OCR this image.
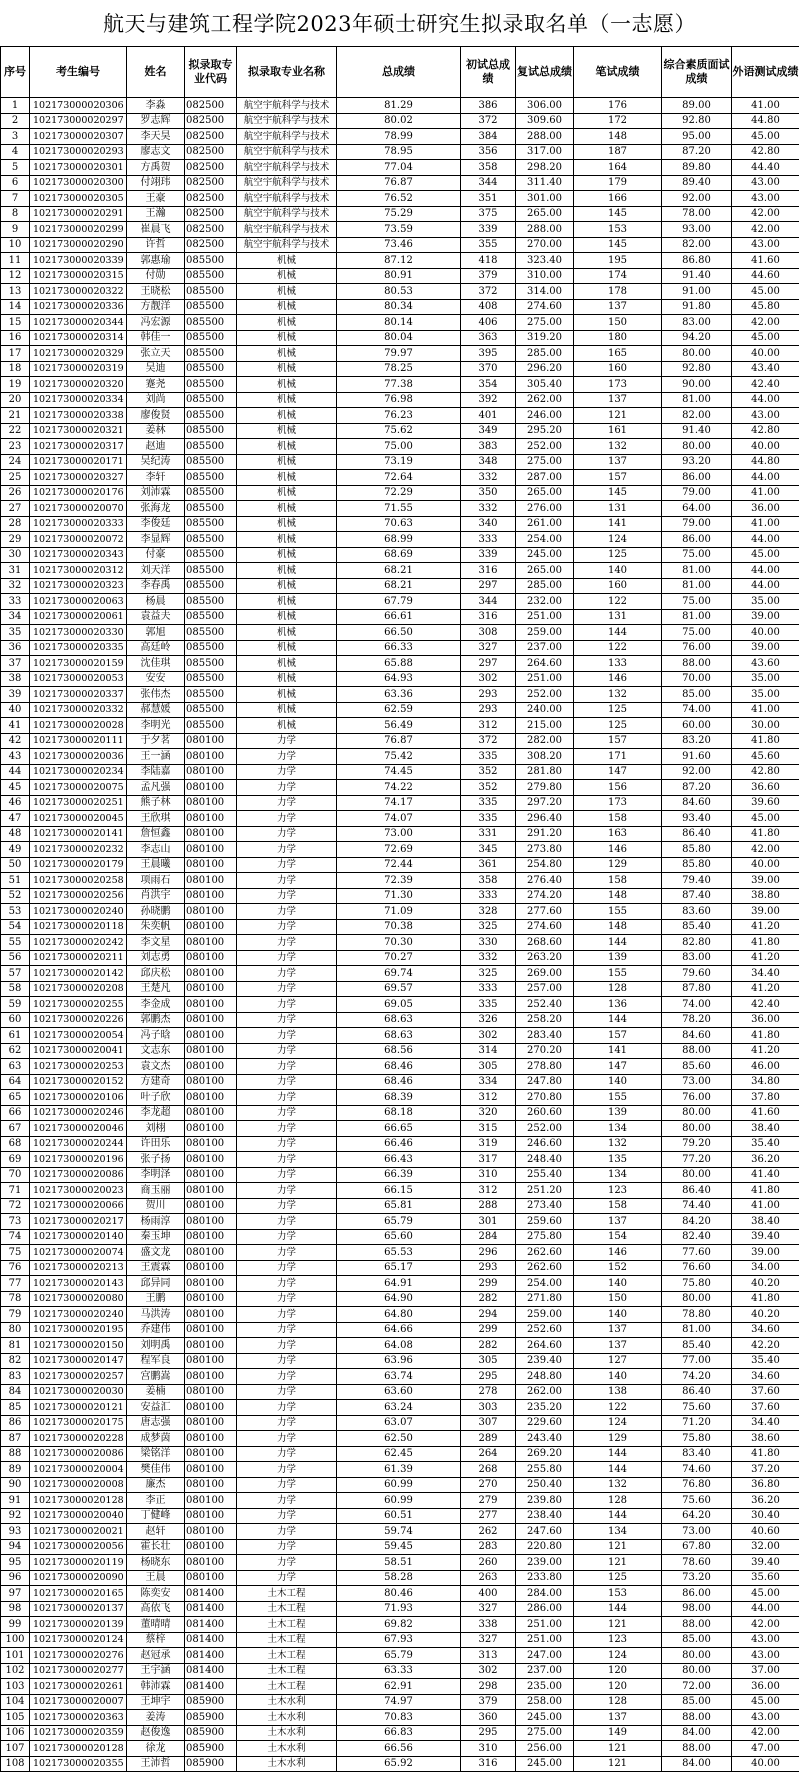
航天与建筑工程学院2023年硕士研究生拟录取名单（一志愿）
序号	考生编号	姓名	拟录取专业代码	拟录取专业名称	总成绩	初试总成绩	复试总成绩	笔试成绩	综合素质面试成绩	外语测试成绩
1	102173000020306	李淼	082500	航空宇航科学与技术	81.29	386	306.00	176	89.00	41.00
2	102173000020297	罗志辉	082500	航空宇航科学与技术	80.02	372	309.60	172	92.80	44.80
3	102173000020307	李天昊	082500	航空宇航科学与技术	78.99	384	288.00	148	95.00	45.00
4	102173000020293	廖志文	082500	航空宇航科学与技术	78.95	356	317.00	187	87.20	42.80
5	102173000020301	方禹贺	082500	航空宇航科学与技术	77.04	358	298.20	164	89.80	44.40
6	102173000020300	付翊玮	082500	航空宇航科学与技术	76.87	344	311.40	179	89.40	43.00
7	102173000020305	王豪	082500	航空宇航科学与技术	76.52	351	301.00	166	92.00	43.00
8	102173000020291	王瀚	082500	航空宇航科学与技术	75.29	375	265.00	145	78.00	42.00
9	102173000020299	崔晨飞	082500	航空宇航科学与技术	73.59	339	288.00	153	93.00	42.00
10	102173000020290	许哲	082500	航空宇航科学与技术	73.46	355	270.00	145	82.00	43.00
11	102173000020339	郭惠瑜	085500	机械	87.12	418	323.40	195	86.80	41.60
12	102173000020315	付勋	085500	机械	80.91	379	310.00	174	91.40	44.60
13	102173000020322	王晓松	085500	机械	80.53	372	314.00	178	91.00	45.00
14	102173000020336	方靓洋	085500	机械	80.34	408	274.60	137	91.80	45.80
15	102173000020344	冯宏源	085500	机械	80.14	406	275.00	150	83.00	42.00
16	102173000020314	韩佳一	085500	机械	80.04	363	319.20	180	94.20	45.00
17	102173000020329	张立天	085500	机械	79.97	395	285.00	165	80.00	40.00
18	102173000020319	吴迪	085500	机械	78.25	370	296.20	160	92.80	43.40
19	102173000020320	蹇尧	085500	机械	77.38	354	305.40	173	90.00	42.40
20	102173000020334	刘尚	085500	机械	76.98	392	262.00	137	81.00	44.00
21	102173000020338	廖俊贤	085500	机械	76.23	401	246.00	121	82.00	43.00
22	102173000020321	姜林	085500	机械	75.62	349	295.20	161	91.40	42.80
23	102173000020317	赵迪	085500	机械	75.00	383	252.00	132	80.00	40.00
24	102173000020171	吴纪涛	085500	机械	73.19	348	275.00	137	93.20	44.80
25	102173000020327	李轩	085500	机械	72.64	332	287.00	157	86.00	44.00
26	102173000020176	刘沛霖	085500	机械	72.29	350	265.00	145	79.00	41.00
27	102173000020070	张海龙	085500	机械	71.55	332	276.00	131	64.00	36.00
28	102173000020333	李俊廷	085500	机械	70.63	340	261.00	141	79.00	41.00
29	102173000020072	李显辉	085500	机械	68.99	333	254.00	124	86.00	44.00
30	102173000020343	付豪	085500	机械	68.69	339	245.00	125	75.00	45.00
31	102173000020312	刘天洋	085500	机械	68.21	316	265.00	140	81.00	44.00
32	102173000020323	李春禹	085500	机械	68.21	297	285.00	160	81.00	44.00
33	102173000020063	杨晨	085500	机械	67.79	344	232.00	122	75.00	35.00
34	102173000020061	袁益夫	085500	机械	66.61	316	251.00	131	81.00	39.00
35	102173000020330	郭旭	085500	机械	66.50	308	259.00	144	75.00	40.00
36	102173000020335	高廷岭	085500	机械	66.33	327	237.00	122	76.00	39.00
37	102173000020159	沈佳琪	085500	机械	65.88	297	264.60	133	88.00	43.60
38	102173000020053	安安	085500	机械	64.93	302	251.00	146	70.00	35.00
39	102173000020337	张伟杰	085500	机械	63.36	293	252.00	132	85.00	35.00
40	102173000020332	郝慧媛	085500	机械	62.59	293	240.00	125	74.00	41.00
41	102173000020028	李明光	085500	机械	56.49	312	215.00	125	60.00	30.00
42	102173000020111	于夕茗	080100	力学	76.87	372	282.00	157	83.20	41.80
43	102173000020036	王一涵	080100	力学	75.42	335	308.20	171	91.60	45.60
44	102173000020234	李陆嘉	080100	力学	74.45	352	281.80	147	92.00	42.80
45	102173000020075	孟凡强	080100	力学	74.22	352	279.80	156	87.20	36.60
46	102173000020251	熊子林	080100	力学	74.17	335	297.20	173	84.60	39.60
47	102173000020045	王欣琪	080100	力学	74.07	335	296.40	158	93.40	45.00
48	102173000020141	詹恒鑫	080100	力学	73.00	331	291.20	163	86.40	41.80
49	102173000020232	李志山	080100	力学	72.69	345	273.80	146	85.80	42.00
50	102173000020179	王晨曦	080100	力学	72.44	361	254.80	129	85.80	40.00
51	102173000020258	项雨石	080100	力学	72.39	358	276.40	158	79.40	39.00
52	102173000020256	肖洪宇	080100	力学	71.30	333	274.20	148	87.40	38.80
53	102173000020240	孙晓鹏	080100	力学	71.09	328	277.60	155	83.60	39.00
54	102173000020118	朱奕帆	080100	力学	70.38	325	274.60	148	85.40	41.20
55	102173000020242	李文星	080100	力学	70.30	330	268.60	144	82.80	41.80
56	102173000020211	刘志勇	080100	力学	70.27	332	263.20	139	83.00	41.20
57	102173000020142	邱庆松	080100	力学	69.74	325	269.00	155	79.60	34.40
58	102173000020208	王楚凡	080100	力学	69.57	333	257.00	128	87.80	41.20
59	102173000020255	李金成	080100	力学	69.05	335	252.40	136	74.00	42.40
60	102173000020226	郭鹏杰	080100	力学	68.63	326	258.20	144	78.20	36.00
61	102173000020054	冯子晗	080100	力学	68.63	302	283.40	157	84.60	41.80
62	102173000020041	文志东	080100	力学	68.56	314	270.20	141	88.00	41.20
63	102173000020253	袁文杰	080100	力学	68.46	305	278.80	147	85.60	46.00
64	102173000020152	方建奇	080100	力学	68.46	334	247.80	140	73.00	34.80
65	102173000020106	叶子欣	080100	力学	68.39	312	270.80	155	76.00	37.80
66	102173000020246	李龙超	080100	力学	68.18	320	260.60	139	80.00	41.60
67	102173000020046	刘栩	080100	力学	66.65	315	252.00	134	80.00	38.40
68	102173000020244	许田乐	080100	力学	66.46	319	246.60	132	79.20	35.40
69	102173000020196	张子扬	080100	力学	66.43	317	248.40	135	77.20	36.20
70	102173000020086	李明泽	080100	力学	66.39	310	255.40	134	80.00	41.40
71	102173000020023	商玉丽	080100	力学	66.15	312	251.20	123	86.40	41.80
72	102173000020066	贺川	080100	力学	65.81	288	273.40	158	74.40	41.00
73	102173000020217	杨雨淳	080100	力学	65.79	301	259.60	137	84.20	38.40
74	102173000020140	秦玉坤	080100	力学	65.60	284	275.80	154	82.40	39.40
75	102173000020074	盛文龙	080100	力学	65.53	296	262.60	146	77.60	39.00
76	102173000020213	王震霖	080100	力学	65.17	293	262.60	152	76.60	34.00
77	102173000020143	邱异同	080100	力学	64.91	299	254.00	140	75.80	40.20
78	102173000020080	王鹏	080100	力学	64.90	282	271.80	150	80.00	41.80
79	102173000020240	马洪涛	080100	力学	64.80	294	259.00	140	78.80	40.20
80	102173000020195	乔建伟	080100	力学	64.66	299	252.60	137	81.00	34.60
81	102173000020150	刘明禹	080100	力学	64.08	282	264.60	137	85.40	42.20
82	102173000020147	程军良	080100	力学	63.96	305	239.40	127	77.00	35.40
83	102173000020257	宫鹏嵩	080100	力学	63.74	295	248.80	140	74.20	34.60
84	102173000020030	姜楠	080100	力学	63.60	278	262.00	138	86.40	37.60
85	102173000020121	安益汇	080100	力学	63.24	303	235.20	122	75.60	37.60
86	102173000020175	唐志强	080100	力学	63.07	307	229.60	124	71.20	34.40
87	102173000020228	成梦茵	080100	力学	62.50	289	243.40	129	75.80	38.60
88	102173000020086	梁铭洋	080100	力学	62.45	264	269.20	144	83.40	41.80
89	102173000020004	樊佳伟	080100	力学	61.39	268	255.80	144	74.60	37.20
90	102173000020008	廉杰	080100	力学	60.99	270	250.40	132	76.80	36.80
91	102173000020128	李正	080100	力学	60.99	279	239.80	128	75.60	36.20
92	102173000020040	丁健峰	080100	力学	60.51	277	238.40	144	64.20	30.40
93	102173000020021	赵轩	080100	力学	59.74	262	247.60	134	73.00	40.60
94	102173000020056	霍长壮	080100	力学	59.45	283	220.80	121	67.80	32.00
95	102173000020119	杨晓东	080100	力学	58.51	260	239.00	121	78.60	39.40
96	102173000020090	王晨	080100	力学	58.28	263	233.80	125	73.20	35.60
97	102173000020165	陈奕安	081400	土木工程	80.46	400	284.00	153	86.00	45.00
98	102173000020137	高依飞	081400	土木工程	71.93	327	286.00	144	98.00	44.00
99	102173000020139	董晴晴	081400	土木工程	69.82	338	251.00	121	88.00	42.00
100	102173000020124	蔡梓	081400	土木工程	67.93	327	251.00	123	85.00	43.00
101	102173000020276	赵冠承	081400	土木工程	65.79	313	247.00	124	80.00	43.00
102	102173000020277	王宇涵	081400	土木工程	63.33	302	237.00	120	80.00	37.00
103	102173000020261	韩沛霖	081400	土木工程	62.91	298	235.00	120	72.00	36.00
104	102173000020007	王坤宇	085900	土木水利	74.97	379	258.00	128	85.00	45.00
105	102173000020363	姜涛	085900	土木水利	70.83	360	245.00	137	88.00	43.00
106	102173000020359	赵俊逸	085900	土木水利	66.83	295	275.00	149	84.00	42.00
107	102173000020128	徐龙	085900	土木水利	66.56	310	256.00	121	88.00	47.00
108	102173000020355	王沛哲	085900	土木水利	65.92	316	245.00	121	84.00	40.00
